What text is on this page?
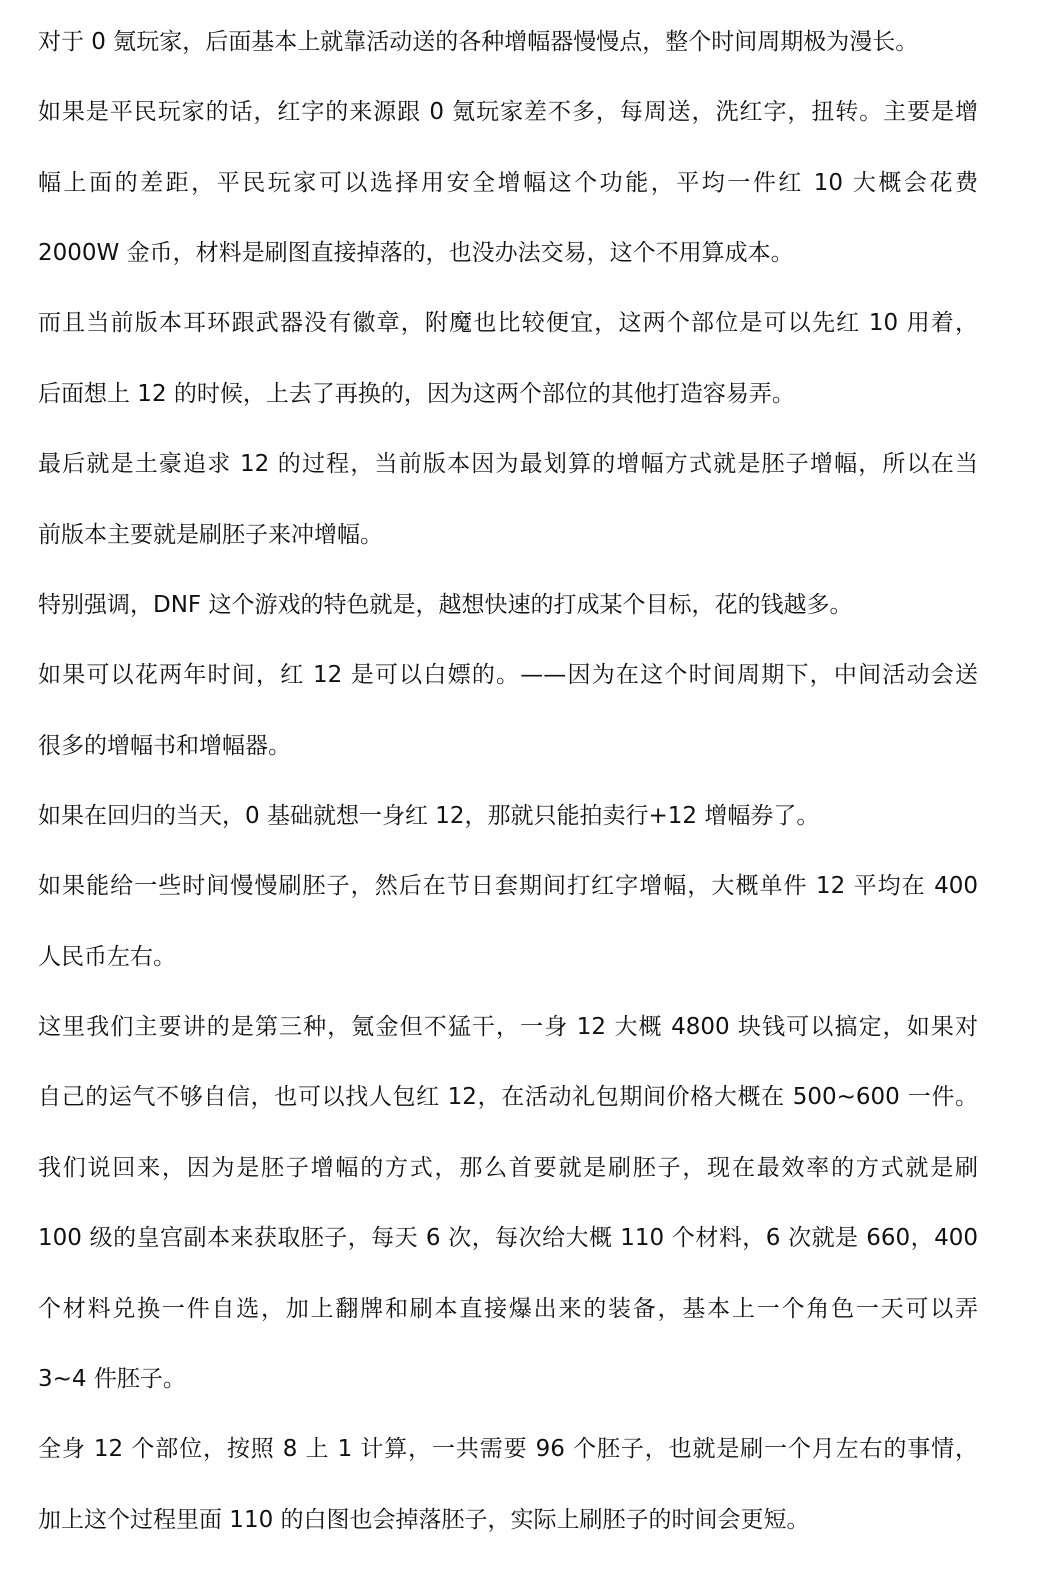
对于 0 氪玩家，后面基本上就靠活动送的各种增幅器慢慢点，整个时间周期极为漫长。
如果是平民玩家的话，红字的来源跟 0 氪玩家差不多，每周送，洗红字，扭转。主要是增
幅上面的差距，平民玩家可以选择用安全增幅这个功能，平均一件红 10 大概会花费
2000W 金币，材料是刷图直接掉落的，也没办法交易，这个不用算成本。
而且当前版本耳环跟武器没有徽章，附魔也比较便宜，这两个部位是可以先红 10 用着，
后面想上 12 的时候，上去了再换的，因为这两个部位的其他打造容易弄。
最后就是土豪追求 12 的过程，当前版本因为最划算的增幅方式就是胚子增幅，所以在当
前版本主要就是刷胚子来冲增幅。
特别强调，DNF 这个游戏的特色就是，越想快速的打成某个目标，花的钱越多。
如果可以花两年时间，红 12 是可以白嫖的。——因为在这个时间周期下，中间活动会送
很多的增幅书和增幅器。
如果在回归的当天，0 基础就想一身红 12，那就只能拍卖行+12 增幅券了。
如果能给一些时间慢慢刷胚子，然后在节日套期间打红字增幅，大概单件 12 平均在 400
人民币左右。
这里我们主要讲的是第三种，氪金但不猛干，一身 12 大概 4800 块钱可以搞定，如果对
自己的运气不够自信，也可以找人包红 12，在活动礼包期间价格大概在 500~600 一件。
我们说回来，因为是胚子增幅的方式，那么首要就是刷胚子，现在最效率的方式就是刷
100 级的皇宫副本来获取胚子，每天 6 次，每次给大概 110 个材料，6 次就是 660，400
个材料兑换一件自选，加上翻牌和刷本直接爆出来的装备，基本上一个角色一天可以弄
3~4 件胚子。
全身 12 个部位，按照 8 上 1 计算，一共需要 96 个胚子，也就是刷一个月左右的事情，
加上这个过程里面 110 的白图也会掉落胚子，实际上刷胚子的时间会更短。
